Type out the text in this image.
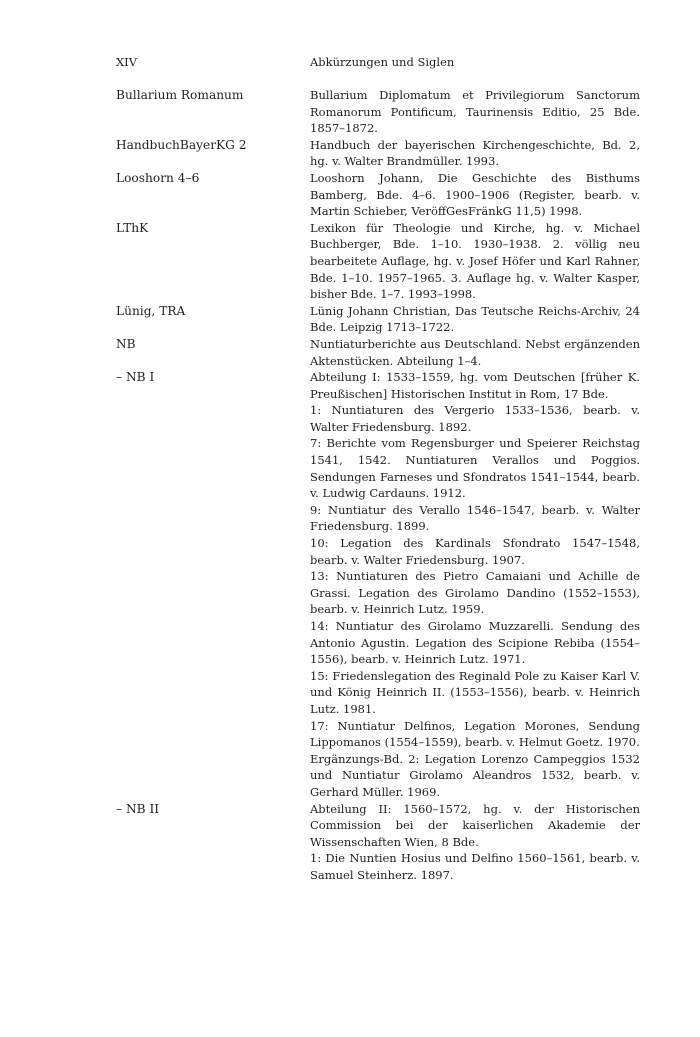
XIV	Abkürzungen und Siglen
Bullarium Romanum	Bullarium Diplomatum et Privilegiorum Sanctorum Romanorum Pontificum, Taurinensis Editio, 25 Bde. 1857–1872.

HandbuchBayerKG 2	Handbuch der bayerischen Kirchengeschichte, Bd. 2, hg. v. Walter Brandmüller. 1993.

Looshorn 4–6	Looshorn Johann, Die Geschichte des Bisthums Bamberg, Bde. 4–6. 1900–1906 (Register, bearb. v. Martin Schieber, VeröffGesFränkG 11,5) 1998.

LThK	Lexikon für Theologie und Kirche, hg. v. Michael Buchberger, Bde. 1–10. 1930–1938. 2. völlig neu bearbeitete Auflage, hg. v. Josef Höfer und Karl Rahner, Bde. 1–10. 1957–1965. 3. Auflage hg. v. Walter Kasper, bisher Bde. 1–7. 1993–1998.

Lünig, TRA	Lünig Johann Christian, Das Teutsche Reichs-Archiv, 24 Bde. Leipzig 1713–1722.

NB	Nuntiaturberichte aus Deutschland. Nebst ergänzenden Aktenstücken. Abteilung 1–4.

– NB I	Abteilung I: 1533–1559, hg. vom Deutschen [früher K. Preußischen] Historischen Institut in Rom, 17 Bde.

1: Nuntiaturen des Vergerio 1533–1536, bearb. v. Walter Friedensburg. 1892.

7: Berichte vom Regensburger und Speierer Reichstag 1541, 1542. Nuntiaturen Verallos und Poggios. Sendungen Farneses und Sfondratos 1541–1544, bearb. v. Ludwig Cardauns. 1912.

9: Nuntiatur des Verallo 1546–1547, bearb. v. Walter Friedensburg. 1899.

10: Legation des Kardinals Sfondrato 1547–1548, bearb. v. Walter Friedensburg. 1907.

13: Nuntiaturen des Pietro Camaiani und Achille de Grassi. Legation des Girolamo Dandino (1552–1553), bearb. v. Heinrich Lutz. 1959.

14: Nuntiatur des Girolamo Muzzarelli. Sendung des Antonio Agustin. Legation des Scipione Rebiba (1554–1556), bearb. v. Heinrich Lutz. 1971.

15: Friedenslegation des Reginald Pole zu Kaiser Karl V. und König Heinrich II. (1553–1556), bearb. v. Heinrich Lutz. 1981.

17: Nuntiatur Delfinos, Legation Morones, Sendung Lippomanos (1554–1559), bearb. v. Helmut Goetz. 1970.

Ergänzungs-Bd. 2: Legation Lorenzo Campeggios 1532 und Nuntiatur Girolamo Aleandros 1532, bearb. v. Gerhard Müller. 1969.

– NB II	Abteilung II: 1560–1572, hg. v. der Historischen Commission bei der kaiserlichen Akademie der Wissenschaften Wien, 8 Bde.

1: Die Nuntien Hosius und Delfino 1560–1561, bearb. v. Samuel Steinherz. 1897.
